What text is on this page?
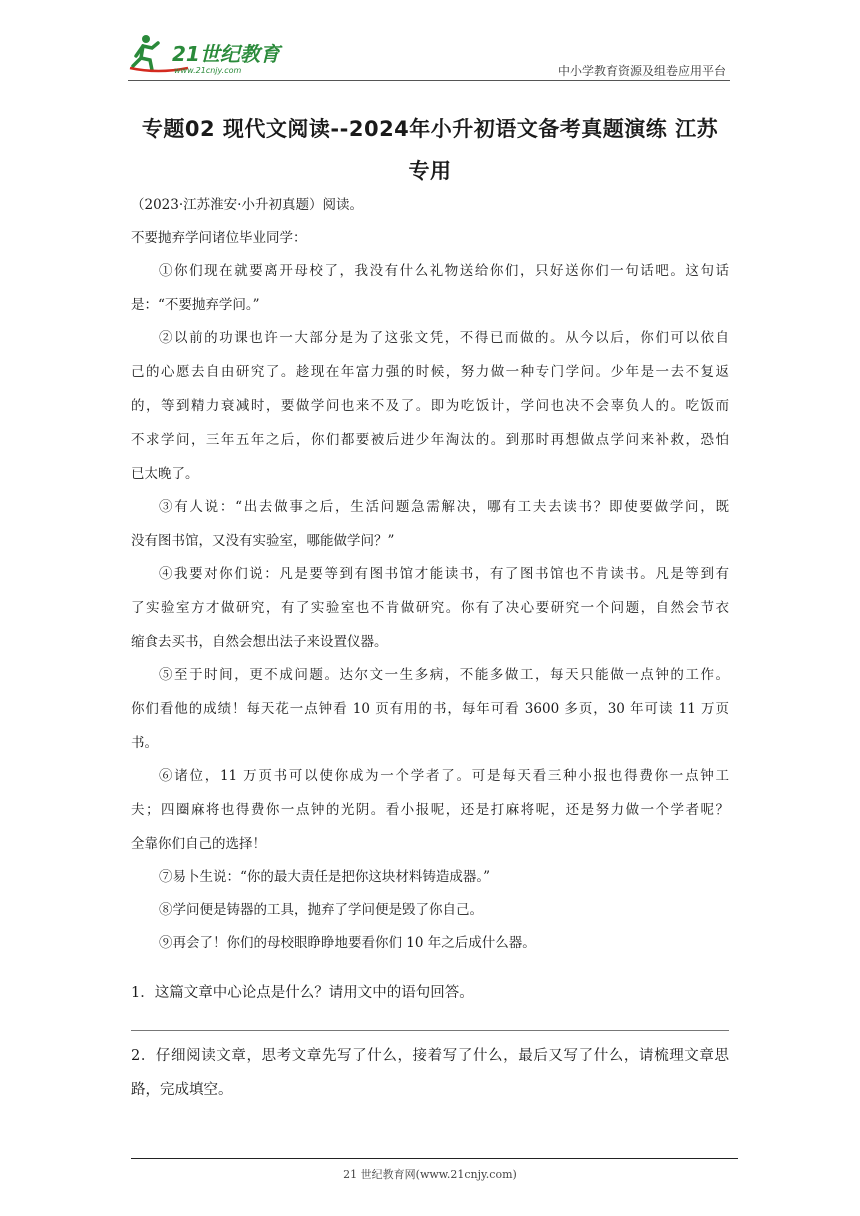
21世纪教育
www.21cnjy.com	中小学教育资源及组卷应用平台
专题02 现代文阅读--2024年小升初语文备考真题演练 江苏
专用
（2023·江苏淮安·小升初真题）阅读。
不要抛弃学问诸位毕业同学：
①你们现在就要离开母校了，我没有什么礼物送给你们，只好送你们一句话吧。这句话
是：“不要抛弃学问。”
②以前的功课也许一大部分是为了这张文凭，不得已而做的。从今以后，你们可以依自
己的心愿去自由研究了。趁现在年富力强的时候，努力做一种专门学问。少年是一去不复返
的，等到精力衰减时，要做学问也来不及了。即为吃饭计，学问也决不会辜负人的。吃饭而
不求学问，三年五年之后，你们都要被后进少年淘汰的。到那时再想做点学问来补救，恐怕
已太晚了。
③有人说：“出去做事之后，生活问题急需解决，哪有工夫去读书？即使要做学问，既
没有图书馆，又没有实验室，哪能做学问？”
④我要对你们说：凡是要等到有图书馆才能读书，有了图书馆也不肯读书。凡是等到有
了实验室方才做研究，有了实验室也不肯做研究。你有了决心要研究一个问题，自然会节衣
缩食去买书，自然会想出法子来设置仪器。
⑤至于时间，更不成问题。达尔文一生多病，不能多做工，每天只能做一点钟的工作。
你们看他的成绩！每天花一点钟看 10 页有用的书，每年可看 3600 多页，30 年可读 11 万页
书。
⑥诸位，11 万页书可以使你成为一个学者了。可是每天看三种小报也得费你一点钟工
夫；四圈麻将也得费你一点钟的光阴。看小报呢，还是打麻将呢，还是努力做一个学者呢？
全靠你们自己的选择！
⑦易卜生说：“你的最大责任是把你这块材料铸造成器。”
⑧学问便是铸器的工具，抛弃了学问便是毁了你自己。
⑨再会了！你们的母校眼睁睁地要看你们 10 年之后成什么器。
1．这篇文章中心论点是什么？请用文中的语句回答。
2．仔细阅读文章，思考文章先写了什么，接着写了什么，最后又写了什么，请梳理文章思
路，完成填空。
21 世纪教育网(www.21cnjy.com)
